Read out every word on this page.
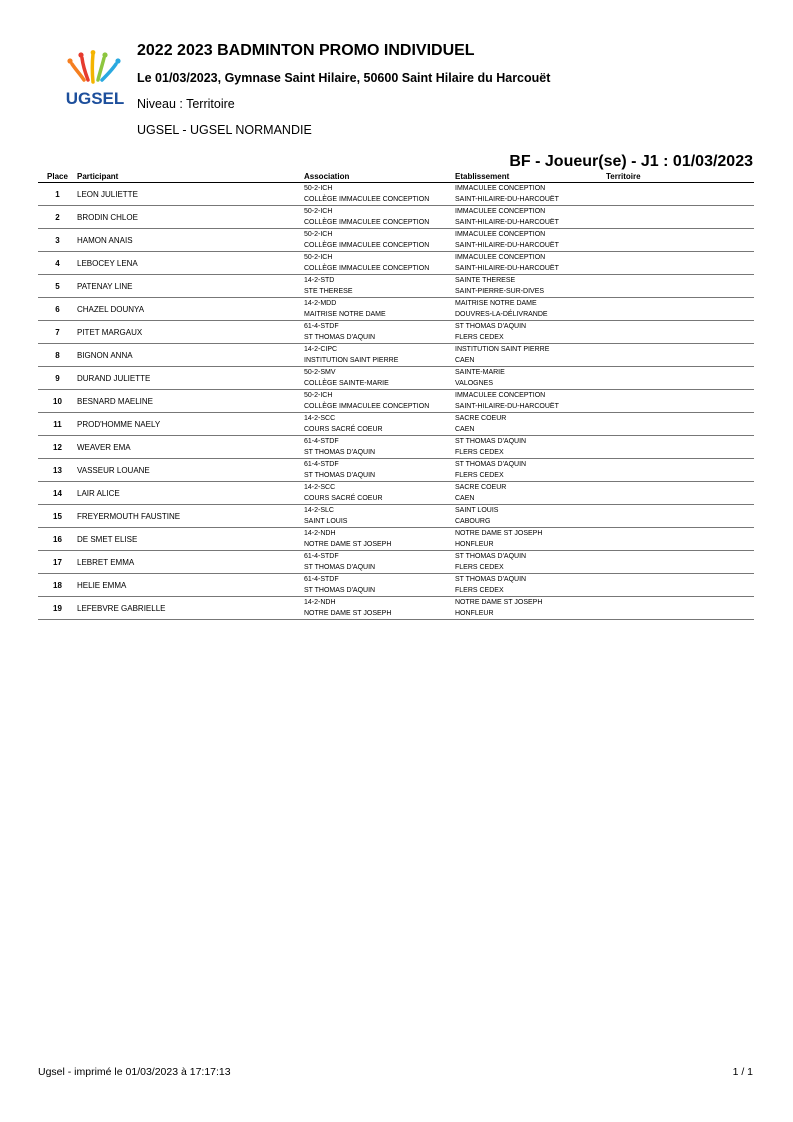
UGSEL
2022 2023 BADMINTON PROMO INDIVIDUEL
Le 01/03/2023, Gymnase Saint Hilaire, 50600 Saint Hilaire du Harcouët
Niveau : Territoire
UGSEL - UGSEL NORMANDIE
BF - Joueur(se) - J1 : 01/03/2023
Place	Participant	Association	Etablissement	Territoire
1	LEON JULIETTE	50-2-ICH	IMMACULEE CONCEPTION	
		COLLÈGE IMMACULEE CONCEPTION	SAINT-HILAIRE-DU-HARCOUËT	
2	BRODIN CHLOE	50-2-ICH	IMMACULEE CONCEPTION	
		COLLÈGE IMMACULEE CONCEPTION	SAINT-HILAIRE-DU-HARCOUËT	
3	HAMON ANAIS	50-2-ICH	IMMACULEE CONCEPTION	
		COLLÈGE IMMACULEE CONCEPTION	SAINT-HILAIRE-DU-HARCOUËT	
4	LEBOCEY LENA	50-2-ICH	IMMACULEE CONCEPTION	
		COLLÈGE IMMACULEE CONCEPTION	SAINT-HILAIRE-DU-HARCOUËT	
5	PATENAY LINE	14-2-STD	SAINTE THERESE	
		STE THERESE	SAINT-PIERRE-SUR-DIVES	
6	CHAZEL DOUNYA	14-2-MDD	MAITRISE NOTRE DAME	
		MAITRISE NOTRE DAME	DOUVRES-LA-DÉLIVRANDE	
7	PITET MARGAUX	61-4-STDF	ST THOMAS D'AQUIN	
		ST THOMAS D'AQUIN	FLERS CEDEX	
8	BIGNON ANNA	14-2-CIPC	INSTITUTION SAINT PIERRE	
		INSTITUTION SAINT PIERRE	CAEN	
9	DURAND JULIETTE	50-2-SMV	SAINTE-MARIE	
		COLLÈGE SAINTE-MARIE	VALOGNES	
10	BESNARD MAELINE	50-2-ICH	IMMACULEE CONCEPTION	
		COLLÈGE IMMACULEE CONCEPTION	SAINT-HILAIRE-DU-HARCOUËT	
11	PROD'HOMME NAELY	14-2-SCC	SACRE COEUR	
		COURS SACRÉ COEUR	CAEN	
12	WEAVER EMA	61-4-STDF	ST THOMAS D'AQUIN	
		ST THOMAS D'AQUIN	FLERS CEDEX	
13	VASSEUR LOUANE	61-4-STDF	ST THOMAS D'AQUIN	
		ST THOMAS D'AQUIN	FLERS CEDEX	
14	LAIR ALICE	14-2-SCC	SACRE COEUR	
		COURS SACRÉ COEUR	CAEN	
15	FREYERMOUTH FAUSTINE	14-2-SLC	SAINT LOUIS	
		SAINT LOUIS	CABOURG	
16	DE SMET ELISE	14-2-NDH	NOTRE DAME ST JOSEPH	
		NOTRE DAME ST JOSEPH	HONFLEUR	
17	LEBRET EMMA	61-4-STDF	ST THOMAS D'AQUIN	
		ST THOMAS D'AQUIN	FLERS CEDEX	
18	HELIE EMMA	61-4-STDF	ST THOMAS D'AQUIN	
		ST THOMAS D'AQUIN	FLERS CEDEX	
19	LEFEBVRE GABRIELLE	14-2-NDH	NOTRE DAME ST JOSEPH	
		NOTRE DAME ST JOSEPH	HONFLEUR	
Ugsel - imprimé le 01/03/2023 à 17:17:13	1 / 1
